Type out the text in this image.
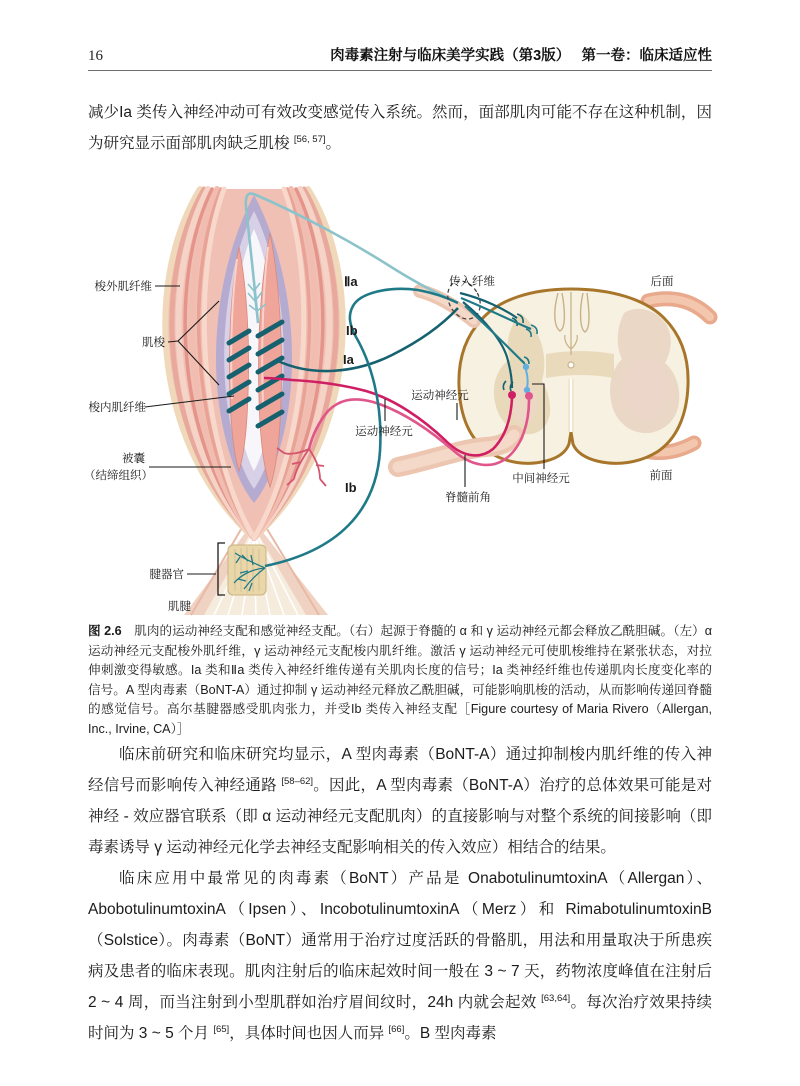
16	肉毒素注射与临床美学实践（第3版）　 第一卷：临床适应性

减少Ia 类传入神经冲动可有效改变感觉传入系统。然而，面部肌肉可能不存在这种机制，因为研究显示面部肌肉缺乏肌梭 [56, 57]。

梭外肌纤维
肌梭
梭内肌纤维
被囊
（结缔组织）
腱器官
肌腱
Ⅱa
Ib
Ia
Ib
传入纤维	后面
前面
运动神经元
运动神经元
中间神经元
脊髓前角
图 2.6　肌肉的运动神经支配和感觉神经支配。（右）起源于脊髓的 α 和 γ 运动神经元都会释放乙酰胆碱。（左）α 运动神经元支配梭外肌纤维，γ 运动神经元支配梭内肌纤维。激活 γ 运动神经元可使肌梭维持在紧张状态，对拉伸刺激变得敏感。Ia 类和Ⅱa 类传入神经纤维传递有关肌肉长度的信号；Ia 类神经纤维也传递肌肉长度变化率的信号。A 型肉毒素（BoNT-A）通过抑制 γ 运动神经元释放乙酰胆碱，可能影响肌梭的活动，从而影响传递回脊髓的感觉信号。高尔基腱器感受肌肉张力，并受Ib 类传入神经支配［Figure courtesy of Maria Rivero（Allergan, Inc., Irvine, CA）］

临床前研究和临床研究均显示，A 型肉毒素（BoNT-A）通过抑制梭内肌纤维的传入神经信号而影响传入神经通路 [58–62]。因此，A 型肉毒素（BoNT-A）治疗的总体效果可能是对神经 - 效应器官联系（即 α 运动神经元支配肌肉）的直接影响与对整个系统的间接影响（即毒素诱导 γ 运动神经元化学去神经支配影响相关的传入效应）相结合的结果。

临床应用中最常见的肉毒素（BoNT）产品是 OnabotulinumtoxinA（Allergan）、AbobotulinumtoxinA（Ipsen）、IncobotulinumtoxinA（Merz）和 RimabotulinumtoxinB（Solstice）。肉毒素（BoNT）通常用于治疗过度活跃的骨骼肌，用法和用量取决于所患疾病及患者的临床表现。肌肉注射后的临床起效时间一般在 3 ~ 7 天，药物浓度峰值在注射后 2 ~ 4 周，而当注射到小型肌群如治疗眉间纹时，24h 内就会起效 [63,64]。每次治疗效果持续时间为 3 ~ 5 个月 [65]，具体时间也因人而异 [66]。B 型肉毒素
